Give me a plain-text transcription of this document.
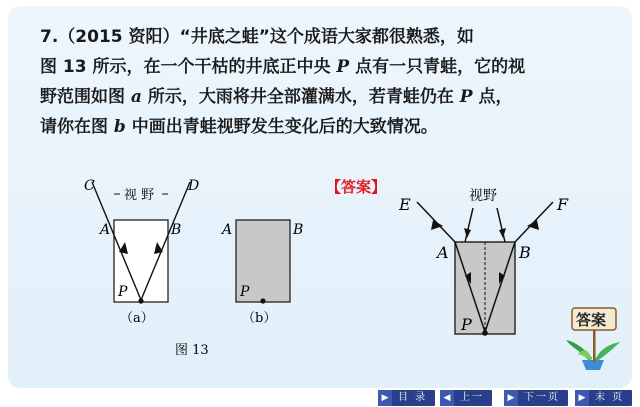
7.（2015 资阳）“井底之蛙”这个成语大家都很熟悉，如
图 13 所示，在一个干枯的井底正中央 P 点有一只青蛙，它的视
野范围如图 a 所示，大雨将井全部灌满水，若青蛙仍在 P 点，
请你在图 b 中画出青蛙视野发生变化后的大致情况。
视 野
C	D
A	B
P
（a）
A	B
P
（b）
图 13
【答案】	视野
E	F
A	B
P	答案
▶ 目 录	◀ 上一	▶ 下一页	▶ 末 页
